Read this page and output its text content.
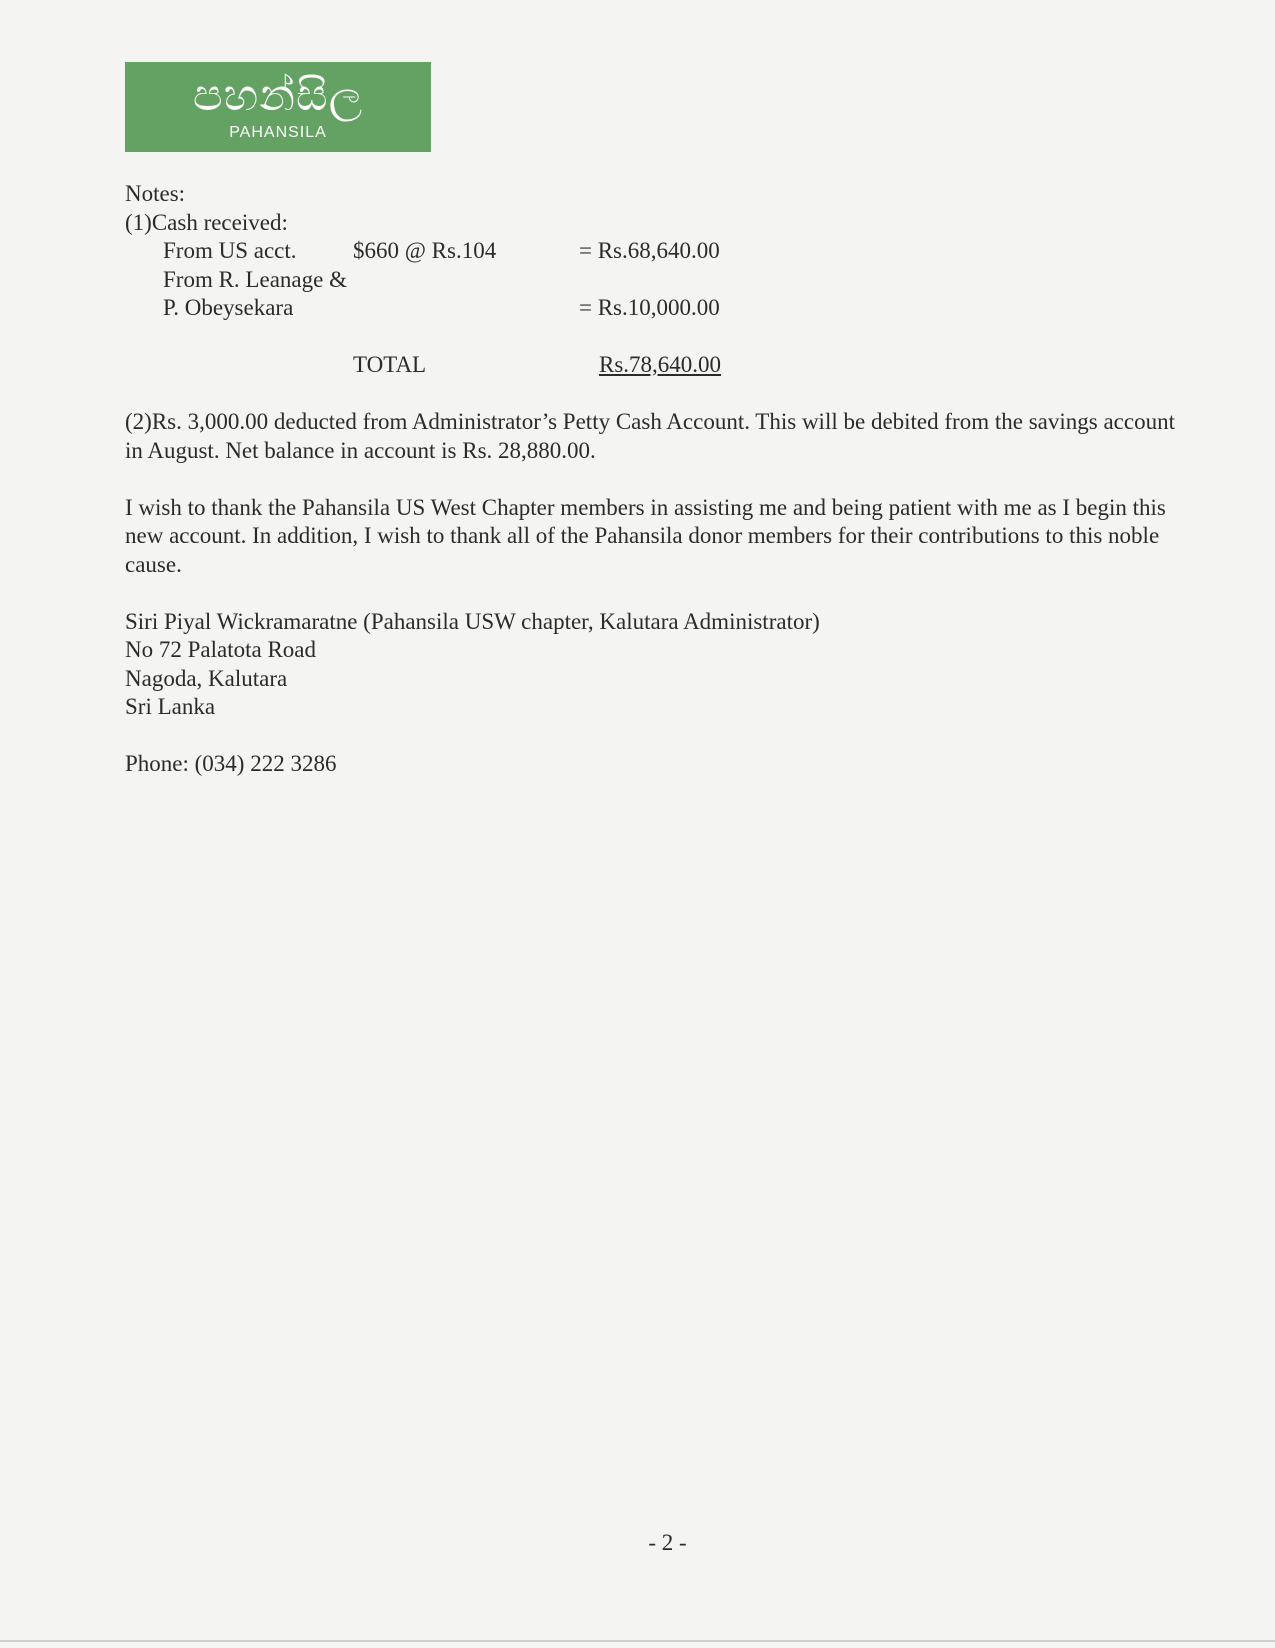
පහන්සිල
PAHANSILA
Notes:
(1)Cash received:
From US acct. $660 @ Rs.104	= Rs.68,640.00
From R. Leanage &
P. Obeysekara	= Rs.10,000.00
TOTAL	Rs.78,640.00
(2)Rs. 3,000.00 deducted from Administrator’s Petty Cash Account. This will be debited from the savings account in August. Net balance in account is Rs. 28,880.00.
I wish to thank the Pahansila US West Chapter members in assisting me and being patient with me as I begin this new account. In addition, I wish to thank all of the Pahansila donor members for their contributions to this noble cause.
Siri Piyal Wickramaratne (Pahansila USW chapter, Kalutara Administrator)
No 72 Palatota Road
Nagoda, Kalutara
Sri Lanka
Phone: (034) 222 3286
- 2 -
